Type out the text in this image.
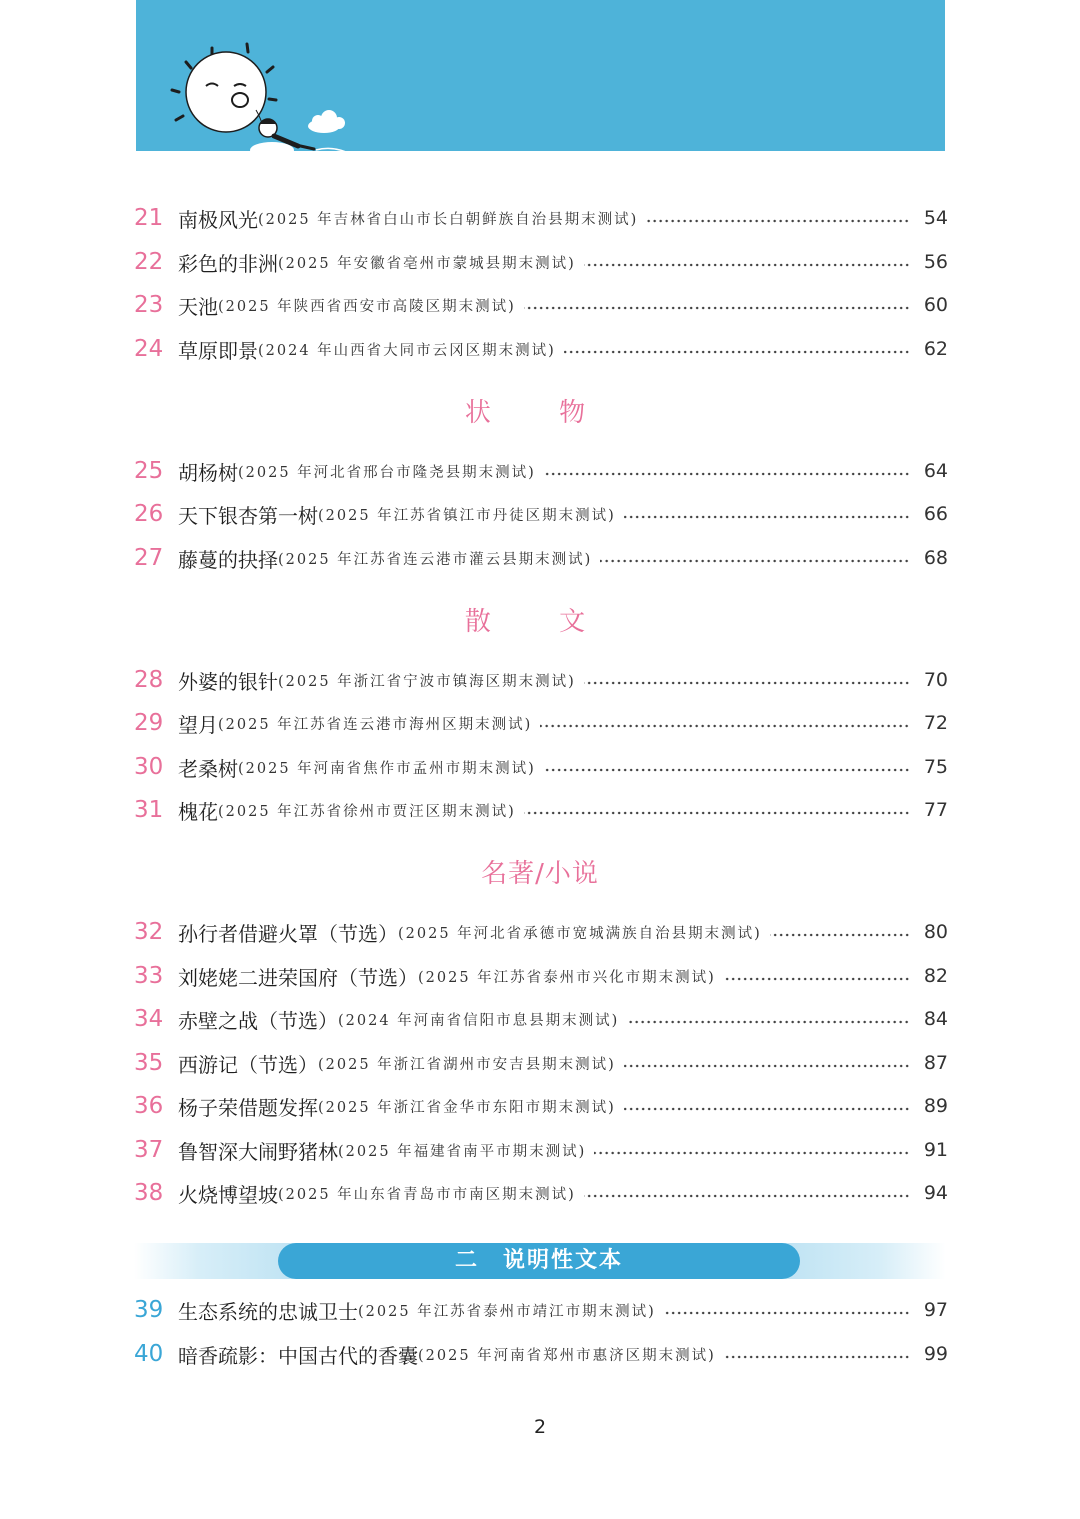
21 南极风光 (2025 年吉林省白山市长白朝鲜族自治县期末测试)	54
22 彩色的非洲 (2025 年安徽省亳州市蒙城县期末测试)	56
23 天池 (2025 年陕西省西安市高陵区期末测试)	60
24 草原即景 (2024 年山西省大同市云冈区期末测试)	62
状 物
25 胡杨树 (2025 年河北省邢台市隆尧县期末测试)	64
26 天下银杏第一树 (2025 年江苏省镇江市丹徒区期末测试)	66
27 藤蔓的抉择 (2025 年江苏省连云港市灌云县期末测试)	68
散 文
28 外婆的银针 (2025 年浙江省宁波市镇海区期末测试)	70
29 望月 (2025 年江苏省连云港市海州区期末测试)	72
30 老桑树 (2025 年河南省焦作市孟州市期末测试)	75
31 槐花 (2025 年江苏省徐州市贾汪区期末测试)	77
名著/小说
32 孙行者借避火罩（节选） (2025 年河北省承德市宽城满族自治县期末测试)	80
33 刘姥姥二进荣国府（节选） (2025 年江苏省泰州市兴化市期末测试)	82
34 赤壁之战（节选） (2024 年河南省信阳市息县期末测试)	84
35 西游记（节选） (2025 年浙江省湖州市安吉县期末测试)	87
36 杨子荣借题发挥 (2025 年浙江省金华市东阳市期末测试)	89
37 鲁智深大闹野猪林 (2025 年福建省南平市期末测试)	91
38 火烧博望坡 (2025 年山东省青岛市市南区期末测试)	94
二　说明性文本
39 生态系统的忠诚卫士 (2025 年江苏省泰州市靖江市期末测试)	97
40 暗香疏影：中国古代的香囊 (2025 年河南省郑州市惠济区期末测试)	99
2
